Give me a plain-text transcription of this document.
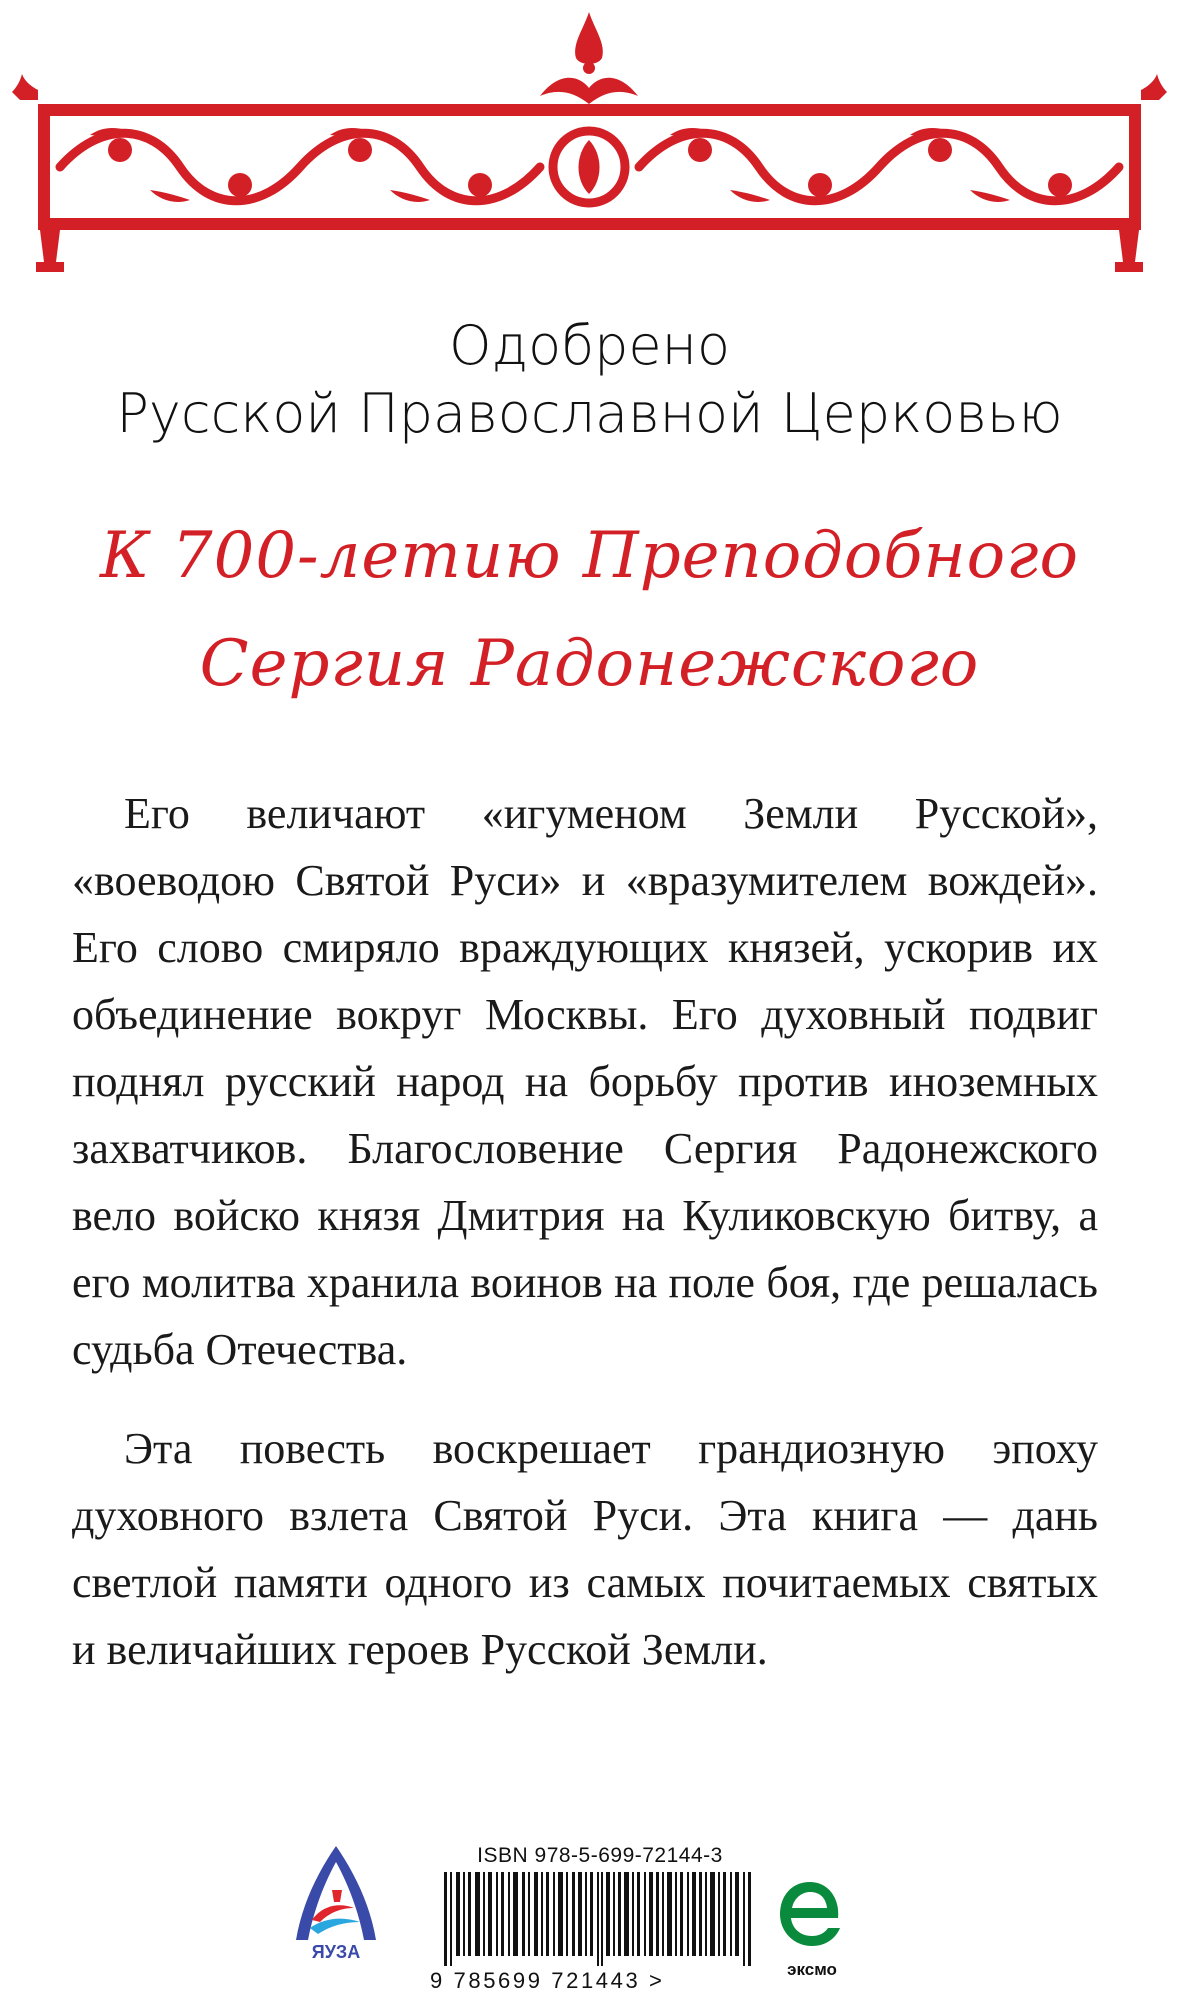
Одобрено
Русской Православной Церковью
К 700-летию Преподобного
Сергия Радонежского

Его величают «игуменом Земли Русской», «воеводою Святой Руси» и «вразумителем вождей». Его слово смиряло враждующих князей, ускорив их объединение вокруг Москвы. Его духовный подвиг поднял русский народ на борьбу против иноземных захватчиков. Благословение Сергия Радонежского вело войско князя Дмитрия на Куликовскую битву, а его молитва хранила воинов на поле боя, где решалась судьба Отечества.

Эта повесть воскрешает грандиозную эпоху духовного взлета Святой Руси. Эта книга — дань светлой памяти одного из самых почитаемых святых и величайших героев Русской Земли.

ЯУЗА
ISBN 978-5-699-72144-3
9 785699 721443 >	эксмо
